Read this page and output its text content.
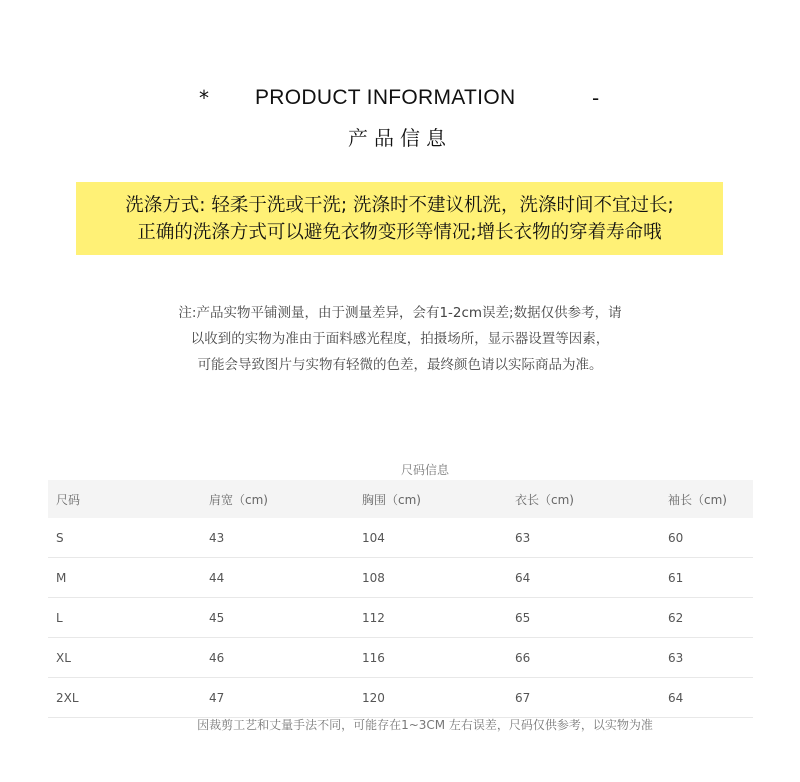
* PRODUCT INFORMATION	-
产品信息
洗涤方式: 轻柔于洗或干洗; 洗涤时不建议机洗，洗涤时间不宜过长;
正确的洗涤方式可以避免衣物变形等情况;增长衣物的穿着寿命哦
注:产品实物平铺测量，由于测量差异，会有1-2cm误差;数据仅供参考，请
以收到的实物为准由于面料感光程度，拍摄场所，显示器设置等因素，
可能会导致图片与实物有轻微的色差，最终颜色请以实际商品为准。
尺码信息
尺码	肩宽（cm)	胸围（cm)	衣长（cm)	袖长（cm)
S	43	104	63	60
M	44	108	64	61
L	45	112	65	62
XL	46	116	66	63
2XL	47	120	67	64
因裁剪工艺和丈量手法不同，可能存在1~3CM 左右误差，尺码仅供参考，以实物为准
